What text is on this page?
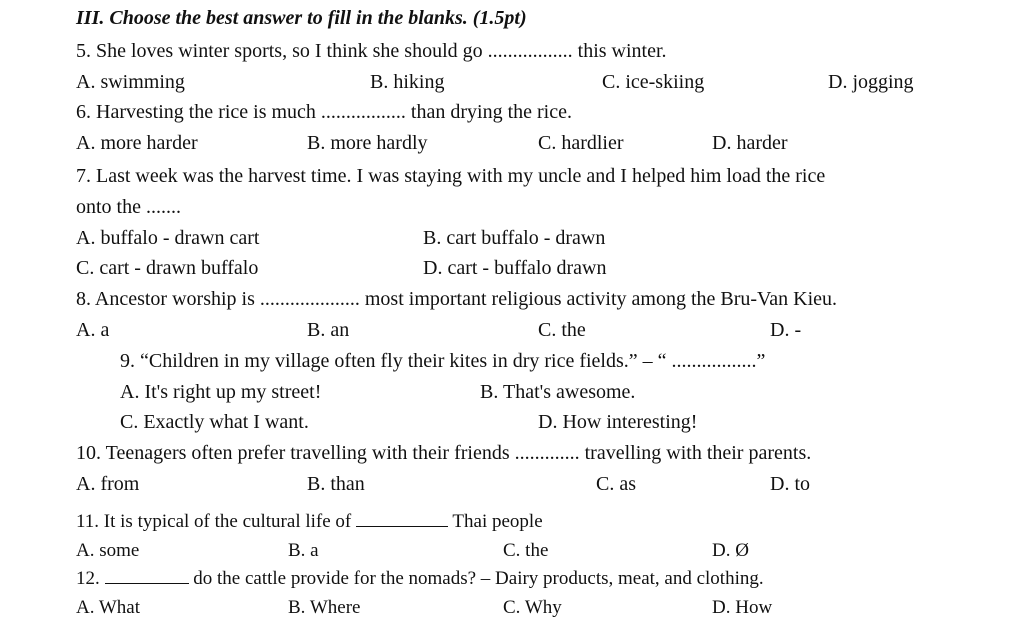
III. Choose the best answer to fill in the blanks. (1.5pt)
5. She loves winter sports, so I think she should go ................. this winter.
A. swimming	B. hiking	C. ice-skiing	D. jogging
6. Harvesting the rice is much ................. than drying the rice.
A. more harder	B. more hardly	C. hardlier	D. harder
7. Last week was the harvest time. I was staying with my uncle and I helped him load the rice
onto the .......
A. buffalo - drawn cart	B. cart buffalo - drawn
C. cart - drawn buffalo	D. cart - buffalo drawn
8. Ancestor worship is .................... most important religious activity among the Bru-Van Kieu.
A. a	B. an	C. the	D. -
9. “Children in my village often fly their kites in dry rice fields.” – “ .................”
A. It's right up my street!	B. That's awesome.
C. Exactly what I want.	D. How interesting!
10. Teenagers often prefer travelling with their friends ............. travelling with their parents.
A. from	B. than	C. as	D. to
11. It is typical of the cultural life of	Thai people
A. some	B. a	C. the	D. Ø
12.	do the cattle provide for the nomads? – Dairy products, meat, and clothing.
A. What	B. Where	C. Why	D. How
